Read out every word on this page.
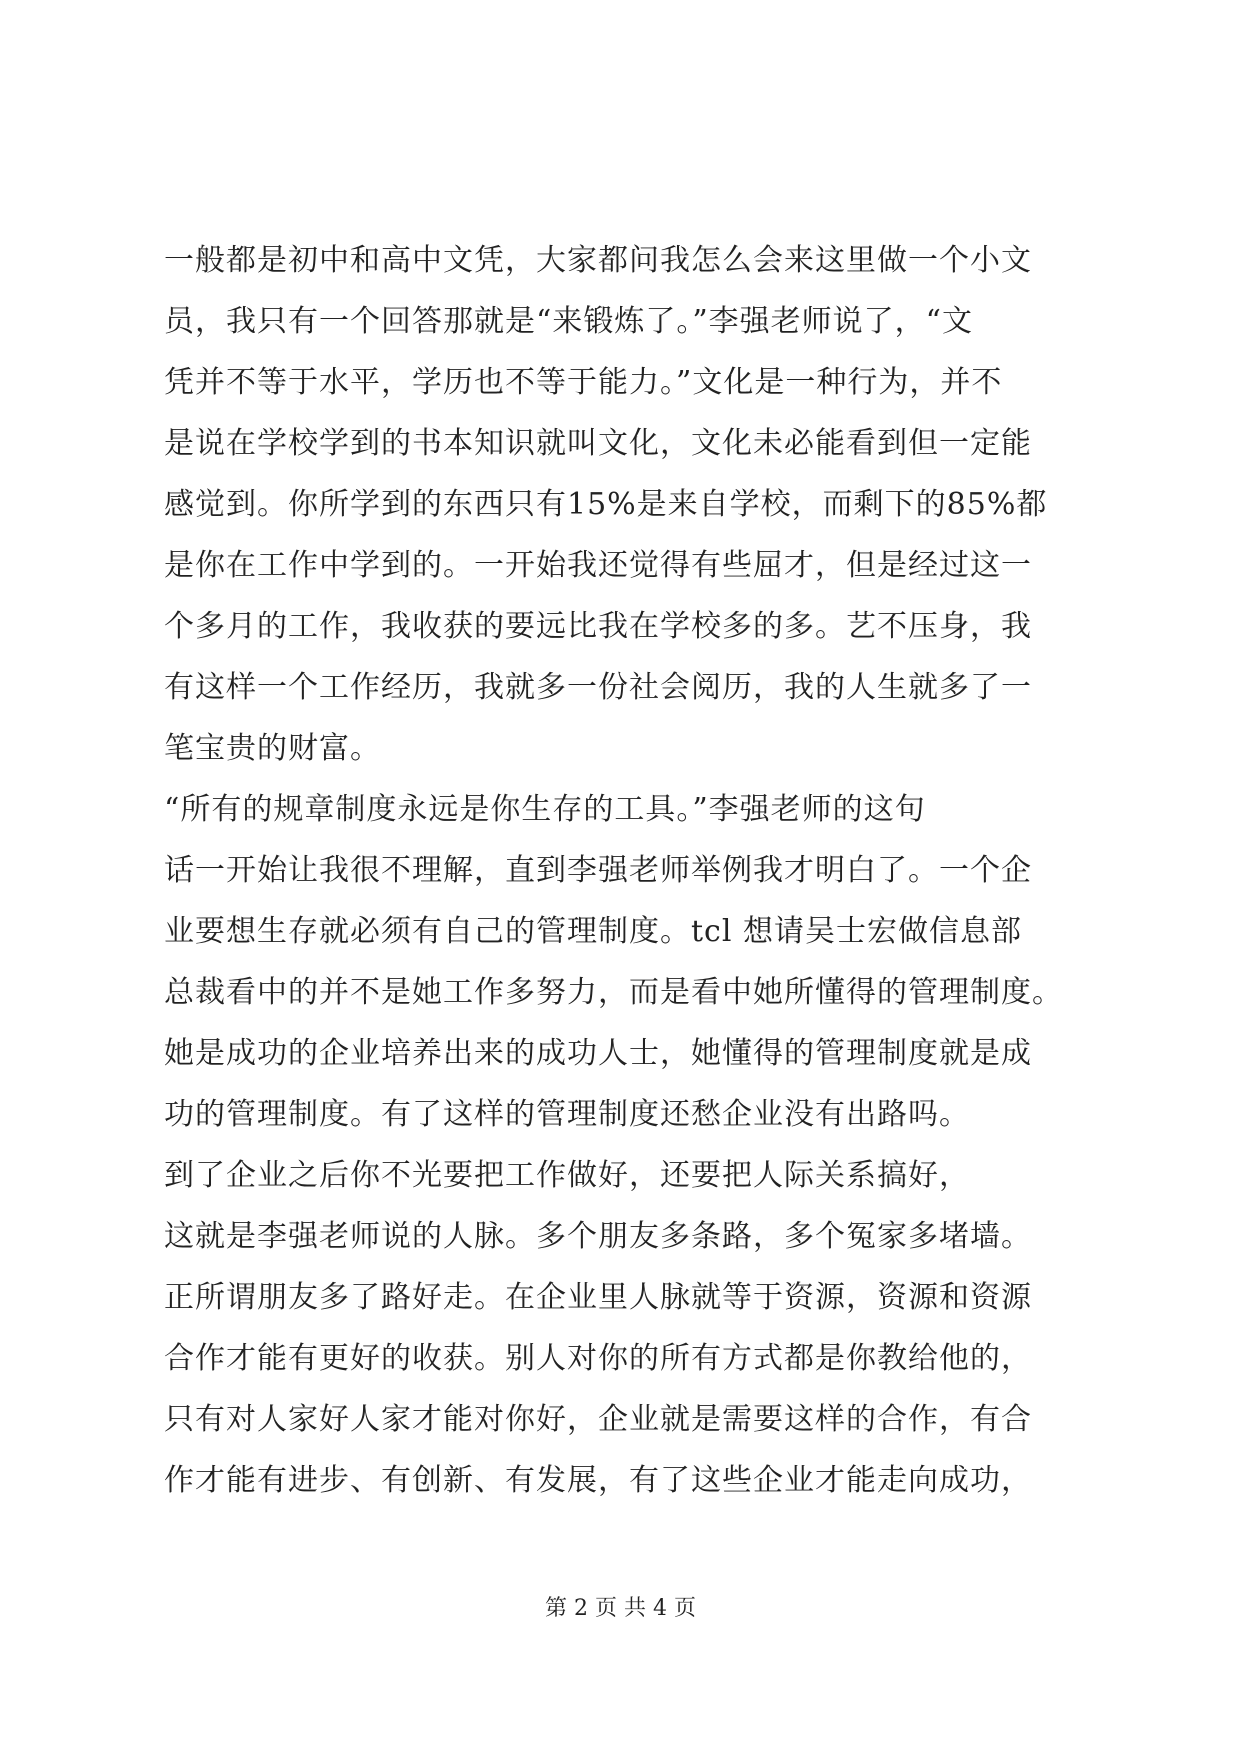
一般都是初中和高中文凭，大家都问我怎么会来这里做一个小文
员，我只有一个回答那就是“来锻炼了。”李强老师说了，“文
凭并不等于水平，学历也不等于能力。”文化是一种行为，并不
是说在学校学到的书本知识就叫文化，文化未必能看到但一定能
感觉到。你所学到的东西只有15%是来自学校，而剩下的85%都
是你在工作中学到的。一开始我还觉得有些屈才，但是经过这一
个多月的工作，我收获的要远比我在学校多的多。艺不压身，我
有这样一个工作经历，我就多一份社会阅历，我的人生就多了一
笔宝贵的财富。
“所有的规章制度永远是你生存的工具。”李强老师的这句
话一开始让我很不理解，直到李强老师举例我才明白了。一个企
业要想生存就必须有自己的管理制度。tcl 想请吴士宏做信息部
总裁看中的并不是她工作多努力，而是看中她所懂得的管理制度。
她是成功的企业培养出来的成功人士，她懂得的管理制度就是成
功的管理制度。有了这样的管理制度还愁企业没有出路吗。
到了企业之后你不光要把工作做好，还要把人际关系搞好，
这就是李强老师说的人脉。多个朋友多条路，多个冤家多堵墙。
正所谓朋友多了路好走。在企业里人脉就等于资源，资源和资源
合作才能有更好的收获。别人对你的所有方式都是你教给他的，
只有对人家好人家才能对你好，企业就是需要这样的合作，有合
作才能有进步、有创新、有发展，有了这些企业才能走向成功，
第 2 页 共 4 页
